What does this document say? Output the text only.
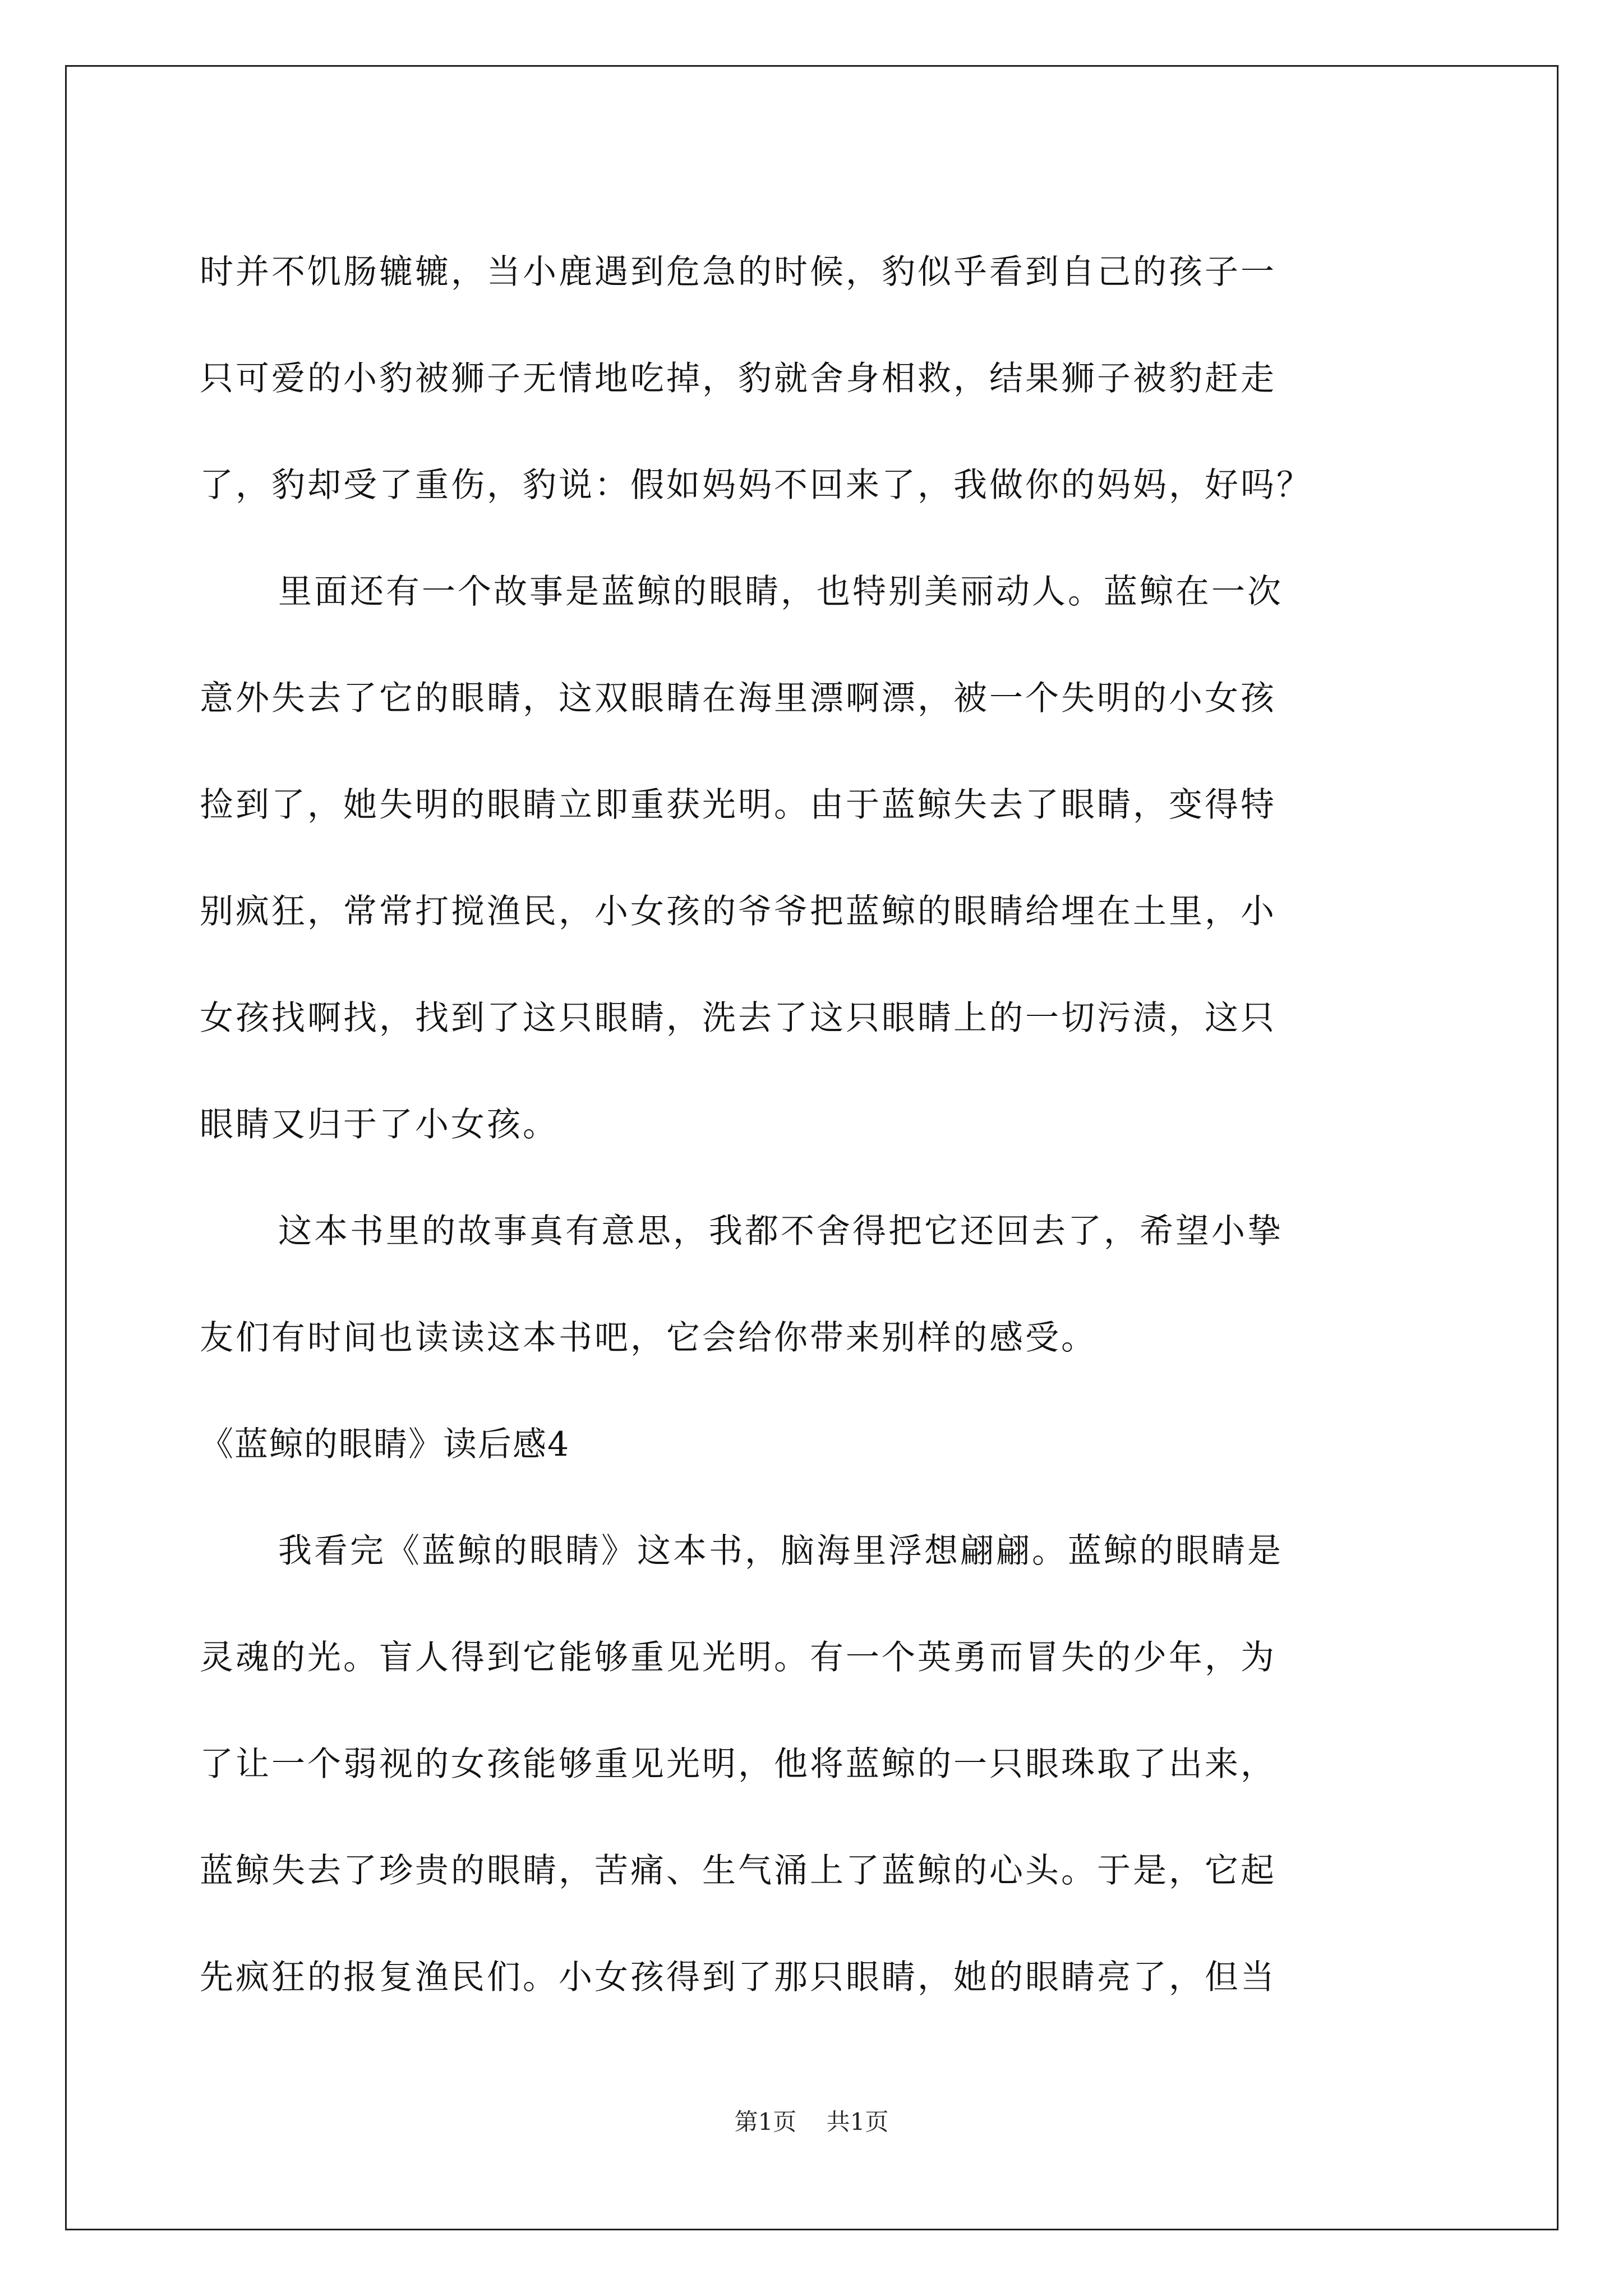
时并不饥肠辘辘，当小鹿遇到危急的时候，豹似乎看到自己的孩子一
只可爱的小豹被狮子无情地吃掉，豹就舍身相救，结果狮子被豹赶走
了，豹却受了重伤，豹说：假如妈妈不回来了，我做你的妈妈，好吗？
里面还有一个故事是蓝鲸的眼睛，也特别美丽动人。蓝鲸在一次
意外失去了它的眼睛，这双眼睛在海里漂啊漂，被一个失明的小女孩
捡到了，她失明的眼睛立即重获光明。由于蓝鲸失去了眼睛，变得特
别疯狂，常常打搅渔民，小女孩的爷爷把蓝鲸的眼睛给埋在土里，小
女孩找啊找，找到了这只眼睛，洗去了这只眼睛上的一切污渍，这只
眼睛又归于了小女孩。
这本书里的故事真有意思，我都不舍得把它还回去了，希望小挚
友们有时间也读读这本书吧，它会给你带来别样的感受。
《蓝鲸的眼睛》读后感4
我看完《蓝鲸的眼睛》这本书，脑海里浮想翩翩。蓝鲸的眼睛是
灵魂的光。盲人得到它能够重见光明。有一个英勇而冒失的少年，为
了让一个弱视的女孩能够重见光明，他将蓝鲸的一只眼珠取了出来，
蓝鲸失去了珍贵的眼睛，苦痛、生气涌上了蓝鲸的心头。于是，它起
先疯狂的报复渔民们。小女孩得到了那只眼睛，她的眼睛亮了，但当
第1页 共1页
